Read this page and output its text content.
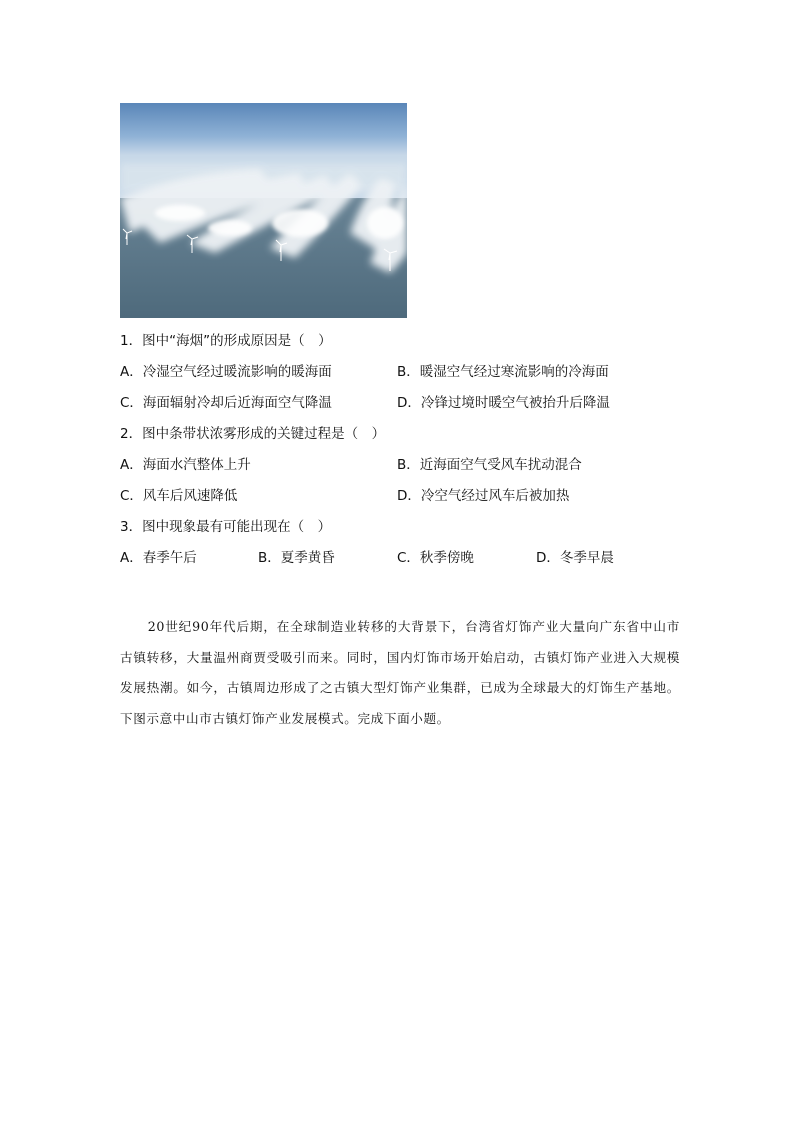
1．图中“海烟”的形成原因是（　）
A．冷湿空气经过暖流影响的暖海面	B．暖湿空气经过寒流影响的冷海面
C．海面辐射冷却后近海面空气降温	D．冷锋过境时暖空气被抬升后降温
2．图中条带状浓雾形成的关键过程是（　）
A．海面水汽整体上升	B．近海面空气受风车扰动混合
C．风车后风速降低	D．冷空气经过风车后被加热
3．图中现象最有可能出现在（　）
A．春季午后	B．夏季黄昏	C．秋季傍晚	D．冬季早晨

20世纪90年代后期，在全球制造业转移的大背景下，台湾省灯饰产业大量向广东省中山市古镇转移，大量温州商贾受吸引而来。同时，国内灯饰市场开始启动，古镇灯饰产业进入大规模发展热潮。如今，古镇周边形成了之古镇大型灯饰产业集群，已成为全球最大的灯饰生产基地。下图示意中山市古镇灯饰产业发展模式。完成下面小题。
